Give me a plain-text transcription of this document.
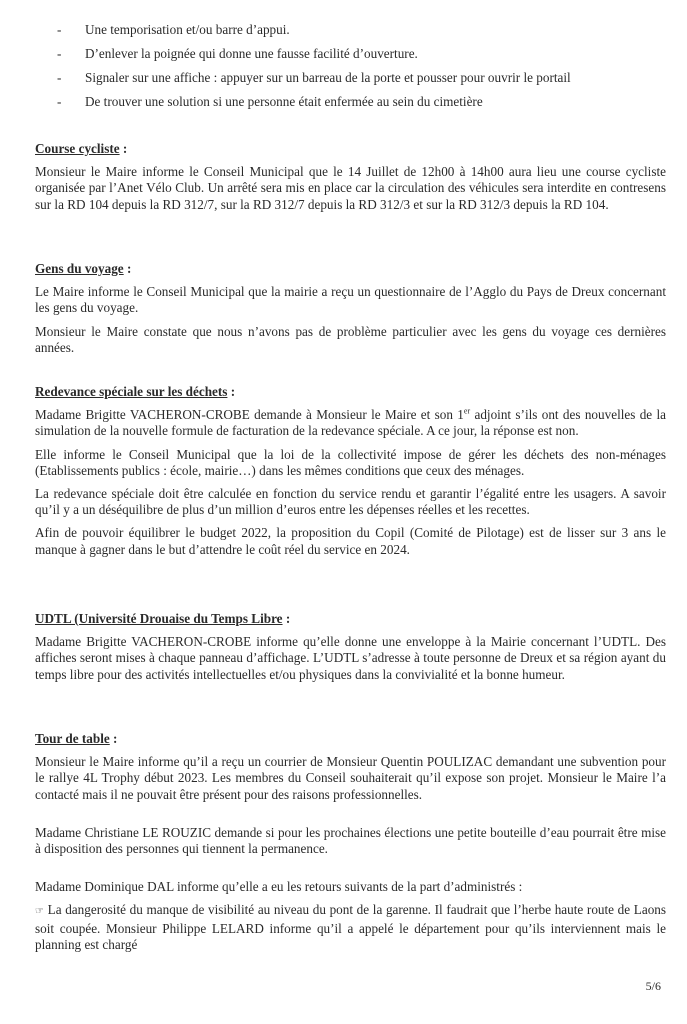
-	Une temporisation et/ou barre d’appui.
-	D’enlever la poignée qui donne une fausse facilité d’ouverture.
-	Signaler sur une affiche : appuyer sur un barreau de la porte et pousser pour ouvrir le portail
-	De trouver une solution si une personne était enfermée au sein du cimetière

Course cycliste :

Monsieur le Maire informe le Conseil Municipal que le 14 Juillet de 12h00 à 14h00 aura lieu une course cycliste organisée par l’Anet Vélo Club. Un arrêté sera mis en place car la circulation des véhicules sera interdite en contresens sur la RD 104 depuis la RD 312/7, sur la RD 312/7 depuis la RD 312/3 et sur la RD 312/3 depuis la RD 104.

Gens du voyage :

Le Maire informe le Conseil Municipal que la mairie a reçu un questionnaire de l’Agglo du Pays de Dreux concernant les gens du voyage.

Monsieur le Maire constate que nous n’avons pas de problème particulier avec les gens du voyage ces dernières années.

Redevance spéciale sur les déchets :

Madame Brigitte VACHERON-CROBE demande à Monsieur le Maire et son 1er adjoint s’ils ont des nouvelles de la simulation de la nouvelle formule de facturation de la redevance spéciale. A ce jour, la réponse est non.

Elle informe le Conseil Municipal que la loi de la collectivité impose de gérer les déchets des non-ménages (Etablissements publics : école, mairie…) dans les mêmes conditions que ceux des ménages.

La redevance spéciale doit être calculée en fonction du service rendu et garantir l’égalité entre les usagers. A savoir qu’il y a un déséquilibre de plus d’un million d’euros entre les dépenses réelles et les recettes.

Afin de pouvoir équilibrer le budget 2022, la proposition du Copil (Comité de Pilotage) est de lisser sur 3 ans le manque à gagner dans le but d’attendre le coût réel du service en 2024.

UDTL (Université Drouaise du Temps Libre :

Madame Brigitte VACHERON-CROBE informe qu’elle donne une enveloppe à la Mairie concernant l’UDTL. Des affiches seront mises à chaque panneau d’affichage. L’UDTL s’adresse à toute personne de Dreux et sa région ayant du temps libre pour des activités intellectuelles et/ou physiques dans la convivialité et la bonne humeur.

Tour de table :

Monsieur le Maire informe qu’il a reçu un courrier de Monsieur Quentin POULIZAC demandant une subvention pour le rallye 4L Trophy début 2023. Les membres du Conseil souhaiterait qu’il expose son projet. Monsieur le Maire l’a contacté mais il ne pouvait être présent pour des raisons professionnelles.

Madame Christiane LE ROUZIC demande si pour les prochaines élections une petite bouteille d’eau pourrait être mise à disposition des personnes qui tiennent la permanence.

Madame Dominique DAL informe qu’elle a eu les retours suivants de la part d’administrés :

☞ La dangerosité du manque de visibilité au niveau du pont de la garenne. Il faudrait que l’herbe haute route de Laons soit coupée. Monsieur Philippe LELARD informe qu’il a appelé le département pour qu’ils interviennent mais le planning est chargé

5/6
